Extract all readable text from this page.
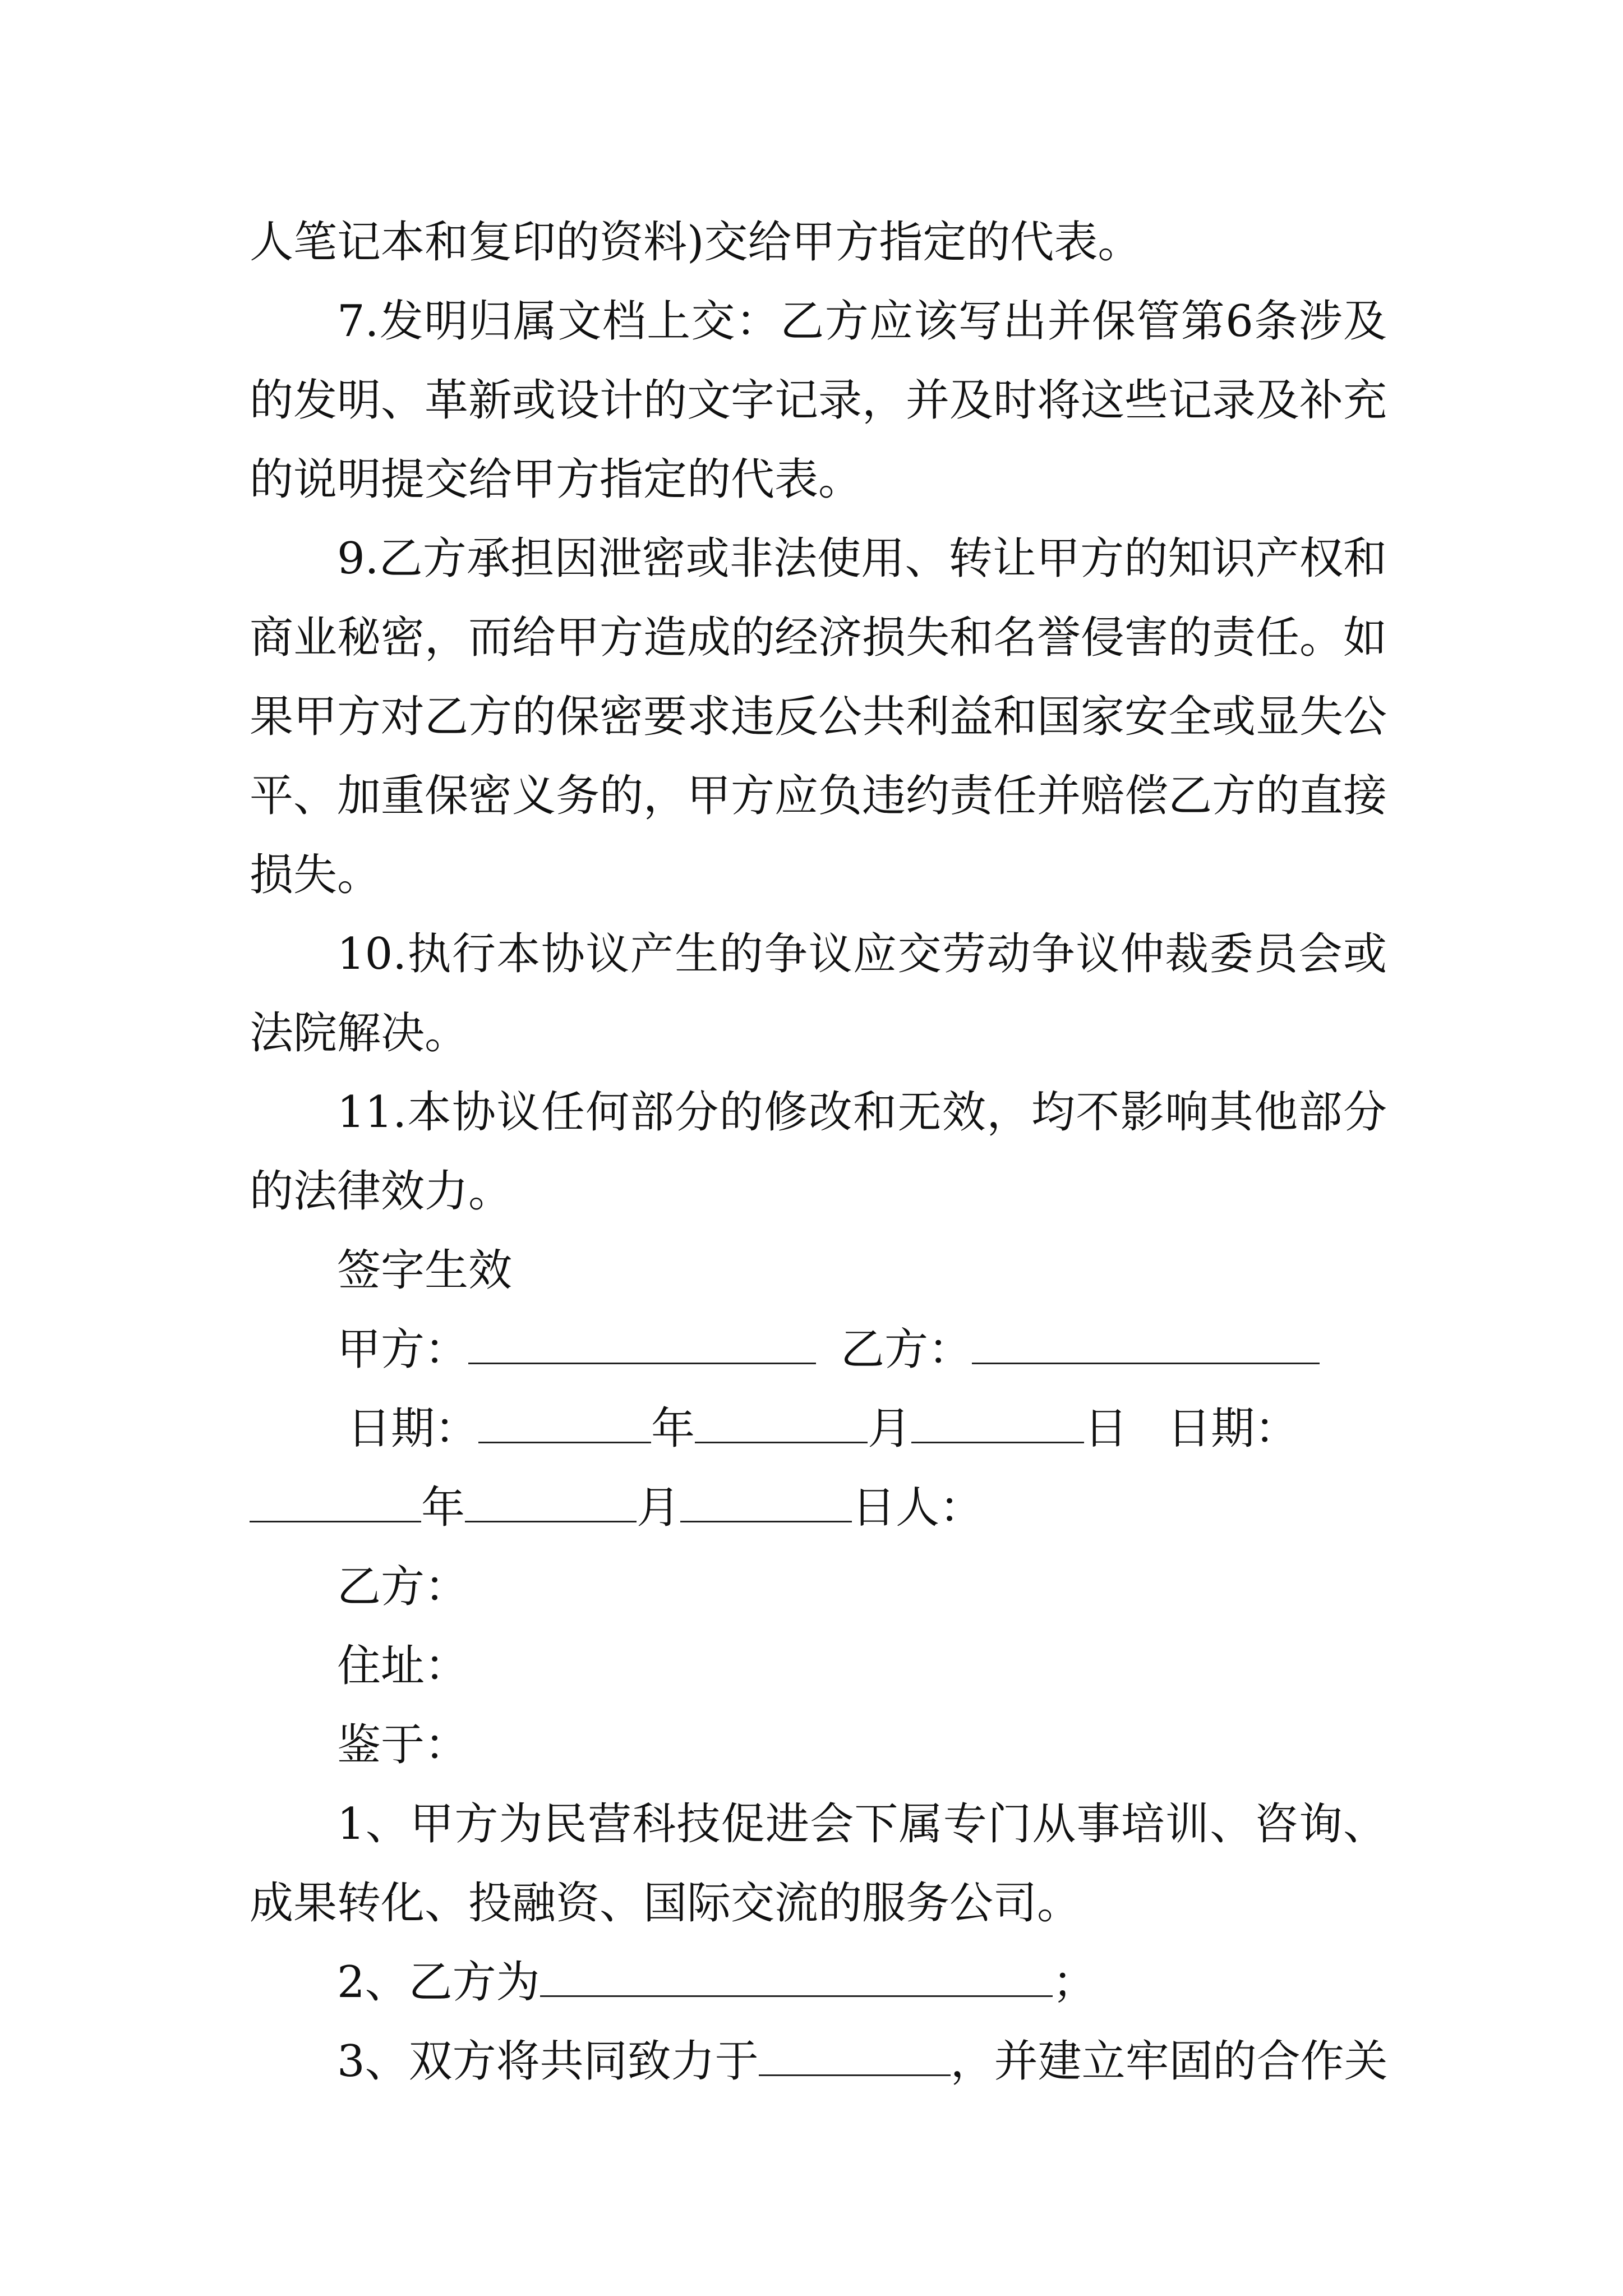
人笔记本和复印的资料)交给甲方指定的代表。

7.发明归属文档上交：乙方应该写出并保管第6条涉及的发明、革新或设计的文字记录，并及时将这些记录及补充的说明提交给甲方指定的代表。

9.乙方承担因泄密或非法使用、转让甲方的知识产权和商业秘密，而给甲方造成的经济损失和名誉侵害的责任。如果甲方对乙方的保密要求违反公共利益和国家安全或显失公平、加重保密义务的，甲方应负违约责任并赔偿乙方的直接损失。

10.执行本协议产生的争议应交劳动争议仲裁委员会或法院解决。

11.本协议任何部分的修改和无效，均不影响其他部分的法律效力。

签字生效
甲方：	乙方：
日期：	年	月	日 日期：
年	月	日人：
乙方：
住址：
鉴于：

1、甲方为民营科技促进会下属专门从事培训、咨询、成果转化、投融资、国际交流的服务公司。

2、乙方为	；
3、双方将共同致力于	，并建立牢固的合作关
